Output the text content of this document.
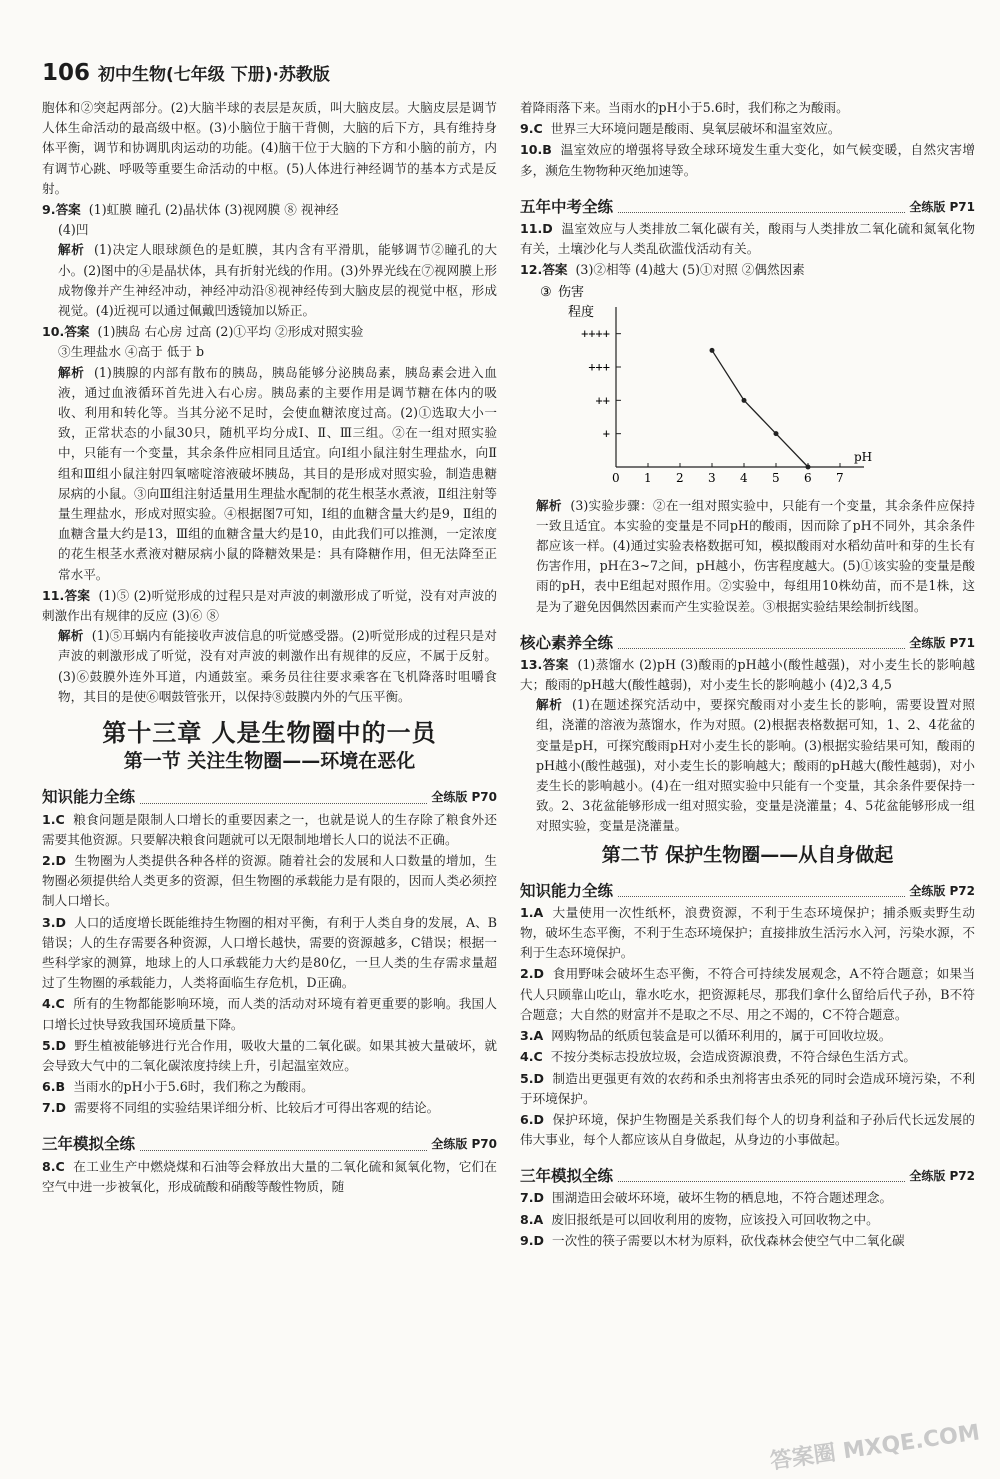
106 初中生物(七年级 下册)·苏教版

胞体和②突起两部分。(2)大脑半球的表层是灰质，叫大脑皮层。大脑皮层是调节人体生命活动的最高级中枢。(3)小脑位于脑干背侧，大脑的后下方，具有维持身体平衡，调节和协调肌肉运动的功能。(4)脑干位于大脑的下方和小脑的前方，内有调节心跳、呼吸等重要生命活动的中枢。(5)人体进行神经调节的基本方式是反射。

9.答案 (1)虹膜 瞳孔 (2)晶状体 (3)视网膜 ⑧ 视神经
(4)凹
解析 (1)决定人眼球颜色的是虹膜，其内含有平滑肌，能够调节②瞳孔的大小。(2)图中的④是晶状体，具有折射光线的作用。(3)外界光线在⑦视网膜上形成物像并产生神经冲动，神经冲动沿⑧视神经传到大脑皮层的视觉中枢，形成视觉。(4)近视可以通过佩戴凹透镜加以矫正。
10.答案 (1)胰岛 右心房 过高 (2)①平均 ②形成对照实验
③生理盐水 ④高于 低于 b
解析 (1)胰腺的内部有散布的胰岛，胰岛能够分泌胰岛素，胰岛素会进入血液，通过血液循环首先进入右心房。胰岛素的主要作用是调节糖在体内的吸收、利用和转化等。当其分泌不足时，会使血糖浓度过高。(2)①选取大小一致，正常状态的小鼠30只，随机平均分成Ⅰ、Ⅱ、Ⅲ三组。②在一组对照实验中，只能有一个变量，其余条件应相同且适宜。向Ⅰ组小鼠注射生理盐水，向Ⅱ组和Ⅲ组小鼠注射四氧嘧啶溶液破坏胰岛，其目的是形成对照实验，制造患糖尿病的小鼠。③向Ⅲ组注射适量用生理盐水配制的花生根茎水煮液，Ⅱ组注射等量生理盐水，形成对照实验。④根据图7可知，Ⅰ组的血糖含量大约是9，Ⅱ组的血糖含量大约是13，Ⅲ组的血糖含量大约是10，由此我们可以推测，一定浓度的花生根茎水煮液对糖尿病小鼠的降糖效果是：具有降糖作用，但无法降至正常水平。
11.答案 (1)⑤ (2)听觉形成的过程只是对声波的刺激形成了听觉，没有对声波的刺激作出有规律的反应 (3)⑥ ⑧
解析 (1)⑤耳蜗内有能接收声波信息的听觉感受器。(2)听觉形成的过程只是对声波的刺激形成了听觉，没有对声波的刺激作出有规律的反应，不属于反射。(3)⑥鼓膜外连外耳道，内通鼓室。乘务员往往要求乘客在飞机降落时咀嚼食物，其目的是使⑥咽鼓管张开，以保持⑧鼓膜内外的气压平衡。
第十三章 人是生物圈中的一员
第一节 关注生物圈——环境在恶化
知识能力全练	全练版 P70
1.C  粮食问题是限制人口增长的重要因素之一，也就是说人的生存除了粮食外还需要其他资源。只要解决粮食问题就可以无限制地增长人口的说法不正确。
2.D  生物圈为人类提供各种各样的资源。随着社会的发展和人口数量的增加，生物圈必须提供给人类更多的资源，但生物圈的承载能力是有限的，因而人类必须控制人口增长。
3.D  人口的适度增长既能维持生物圈的相对平衡，有利于人类自身的发展，A、B错误；人的生存需要各种资源，人口增长越快，需要的资源越多，C错误；根据一些科学家的测算，地球上的人口承载能力大约是80亿，一旦人类的生存需求量超过了生物圈的承载能力，人类将面临生存危机，D正确。
4.C  所有的生物都能影响环境，而人类的活动对环境有着更重要的影响。我国人口增长过快导致我国环境质量下降。
5.D  野生植被能够进行光合作用，吸收大量的二氧化碳。如果其被大量破坏，就会导致大气中的二氧化碳浓度持续上升，引起温室效应。
6.B  当雨水的pH小于5.6时，我们称之为酸雨。
7.D  需要将不同组的实验结果详细分析、比较后才可得出客观的结论。
三年模拟全练	全练版 P70
8.C  在工业生产中燃烧煤和石油等会释放出大量的二氧化硫和氮氧化物，它们在空气中进一步被氧化，形成硫酸和硝酸等酸性物质，随

着降雨落下来。当雨水的pH小于5.6时，我们称之为酸雨。

9.C  世界三大环境问题是酸雨、臭氧层破坏和温室效应。
10.B  温室效应的增强将导致全球环境发生重大变化，如气候变暖，自然灾害增多，濒危生物物种灭绝加速等。
五年中考全练	全练版 P71
11.D  温室效应与人类排放二氧化碳有关，酸雨与人类排放二氧化硫和氮氧化物有关，土壤沙化与人类乱砍滥伐活动有关。
12.答案 (3)②相等 (4)越大 (5)①对照 ②偶然因素
③ 伤害
程度
0 1 2 3 4 5 6 7
pH
+
++
+++
++++
解析 (3)实验步骤：②在一组对照实验中，只能有一个变量，其余条件应保持一致且适宜。本实验的变量是不同pH的酸雨，因而除了pH不同外，其余条件都应该一样。(4)通过实验表格数据可知，模拟酸雨对水稻幼苗叶和芽的生长有伤害作用，pH在3~7之间，pH越小，伤害程度越大。(5)①该实验的变量是酸雨的pH，表中E组起对照作用。②实验中，每组用10株幼苗，而不是1株，这是为了避免因偶然因素而产生实验误差。③根据实验结果绘制折线图。
核心素养全练	全练版 P71
13.答案 (1)蒸馏水 (2)pH (3)酸雨的pH越小(酸性越强)，对小麦生长的影响越大；酸雨的pH越大(酸性越弱)，对小麦生长的影响越小 (4)2,3 4,5
解析 (1)在题述探究活动中，要探究酸雨对小麦生长的影响，需要设置对照组，浇灌的溶液为蒸馏水，作为对照。(2)根据表格数据可知，1、2、4花盆的变量是pH，可探究酸雨pH对小麦生长的影响。(3)根据实验结果可知，酸雨的pH越小(酸性越强)，对小麦生长的影响越大；酸雨的pH越大(酸性越弱)，对小麦生长的影响越小。(4)在一组对照实验中只能有一个变量，其余条件要保持一致。2、3花盆能够形成一组对照实验，变量是浇灌量；4、5花盆能够形成一组对照实验，变量是浇灌量。
第二节 保护生物圈——从自身做起
知识能力全练	全练版 P72
1.A  大量使用一次性纸杯，浪费资源，不利于生态环境保护；捕杀贩卖野生动物，破坏生态平衡，不利于生态环境保护；直接排放生活污水入河，污染水源，不利于生态环境保护。
2.D  食用野味会破坏生态平衡，不符合可持续发展观念，A不符合题意；如果当代人只顾靠山吃山，靠水吃水，把资源耗尽，那我们拿什么留给后代子孙，B不符合题意；大自然的财富并不是取之不尽、用之不竭的，C不符合题意。
3.A  网购物品的纸质包装盒是可以循环利用的，属于可回收垃圾。
4.C  不按分类标志投放垃圾，会造成资源浪费，不符合绿色生活方式。
5.D  制造出更强更有效的农药和杀虫剂将害虫杀死的同时会造成环境污染，不利于环境保护。
6.D  保护环境，保护生物圈是关系我们每个人的切身利益和子孙后代长远发展的伟大事业，每个人都应该从自身做起，从身边的小事做起。
三年模拟全练	全练版 P72
7.D  围湖造田会破坏环境，破坏生物的栖息地，不符合题述理念。
8.A  废旧报纸是可以回收利用的废物，应该投入可回收物之中。
9.D  一次性的筷子需要以木材为原料，砍伐森林会使空气中二氧化碳
答案圈 MXQE.COM
